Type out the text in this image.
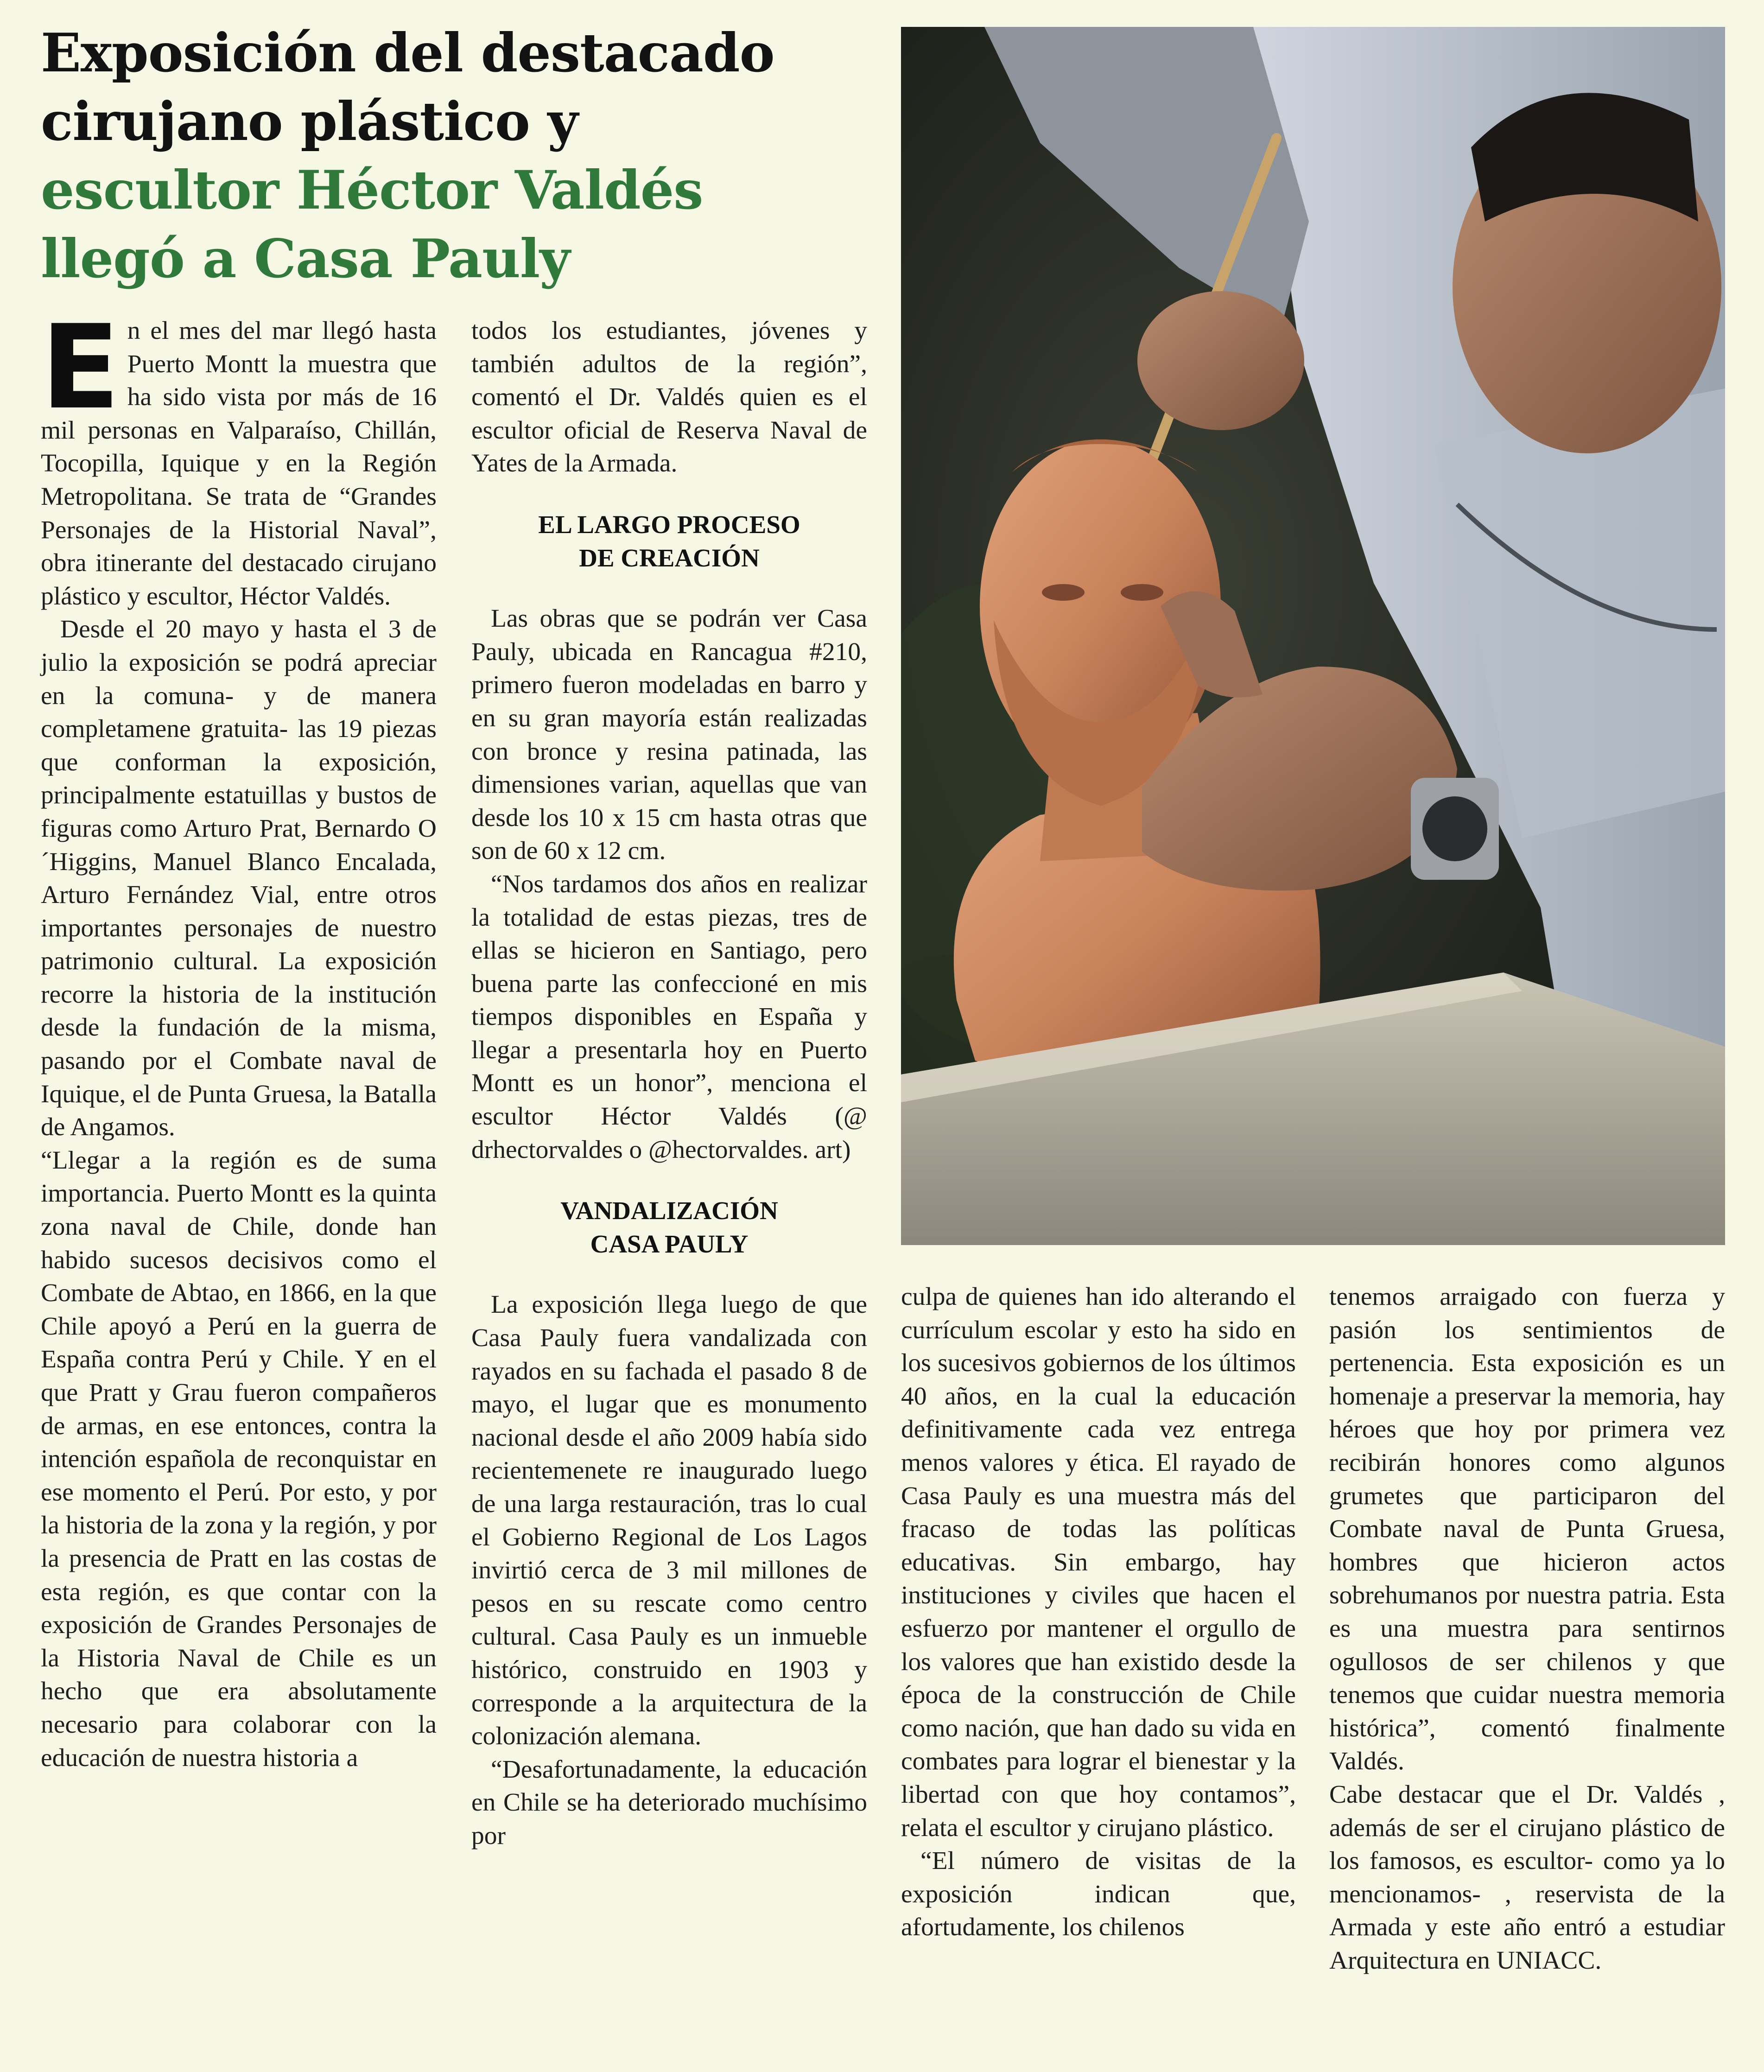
Exposición del destacado
cirujano plástico y
escultor Héctor Valdés
llegó a Casa Pauly

En el mes del mar llegó hasta Puerto Montt la muestra que ha sido vista por más de 16 mil personas en Valparaíso, Chillán, Tocopilla, Iquique y en la Región Metropolitana. Se trata de “Grandes Personajes de la Historial Naval”, obra itinerante del destacado cirujano plástico y escultor, Héctor Valdés.

Desde el 20 mayo y hasta el 3 de julio la exposición se podrá apreciar en la comuna- y de manera completamene gratuita- las 19 piezas que conforman la exposición, principalmente estatuillas y bustos de figuras como Arturo Prat, Bernardo O´Higgins, Manuel Blanco Encalada, Arturo Fernández Vial, entre otros importantes personajes de nuestro patrimonio cultural. La exposición recorre la historia de la institución desde la fundación de la misma, pasando por el Combate naval de Iquique, el de Punta Gruesa, la Batalla de Angamos.

“Llegar a la región es de suma importancia. Puerto Montt es la quinta zona naval de Chile, donde han habido sucesos decisivos como el Combate de Abtao, en 1866, en la que Chile apoyó a Perú en la guerra de España contra Perú y Chile. Y en el que Pratt y Grau fueron compañeros de armas, en ese entonces, contra la intención española de reconquistar en ese momento el Perú. Por esto, y por la historia de la zona y la región, y por la presencia de Pratt en las costas de esta región, es que contar con la exposición de Grandes Personajes de la Historia Naval de Chile es un hecho que era absolutamente necesario para colaborar con la educación de nuestra historia a

todos los estudiantes, jóvenes y también adultos de la región”, comentó el Dr. Valdés quien es el escultor oficial de Reserva Naval de Yates de la Armada.

EL LARGO PROCESO
DE CREACIÓN

Las obras que se podrán ver Casa Pauly, ubicada en Rancagua #210, primero fueron modeladas en barro y en su gran mayoría están realizadas con bronce y resina patinada, las dimensiones varian, aquellas que van desde los 10 x 15 cm hasta otras que son de 60 x 12 cm.

“Nos tardamos dos años en realizar la totalidad de estas piezas, tres de ellas se hicieron en Santiago, pero buena parte las confeccioné en mis tiempos disponibles en España y llegar a presentarla hoy en Puerto Montt es un honor”, menciona el escultor Héctor Valdés (@ drhectorvaldes o @hectorvaldes. art)

VANDALIZACIÓN
CASA PAULY

La exposición llega luego de que Casa Pauly fuera vandalizada con rayados en su fachada el pasado 8 de mayo, el lugar que es monumento nacional desde el año 2009 había sido recientemenete re inaugurado luego de una larga restauración, tras lo cual el Gobierno Regional de Los Lagos invirtió cerca de 3 mil millones de pesos en su rescate como centro cultural. Casa Pauly es un inmueble histórico, construido en 1903 y corresponde a la arquitectura de la colonización alemana.

“Desafortunadamente, la educación en Chile se ha deteriorado muchísimo por

culpa de quienes han ido alterando el currículum escolar y esto ha sido en los sucesivos gobiernos de los últimos 40 años, en la cual la educación definitivamente cada vez entrega menos valores y ética. El rayado de Casa Pauly es una muestra más del fracaso de todas las políticas educativas. Sin embargo, hay instituciones y civiles que hacen el esfuerzo por mantener el orgullo de los valores que han existido desde la época de la construcción de Chile como nación, que han dado su vida en combates para lograr el bienestar y la libertad con que hoy contamos”, relata el escultor y cirujano plástico.

“El número de visitas de la exposición indican que, afortudamente, los chilenos

tenemos arraigado con fuerza y pasión los sentimientos de pertenencia. Esta exposición es un homenaje a preservar la memoria, hay héroes que hoy por primera vez recibirán honores como algunos grumetes que participaron del Combate naval de Punta Gruesa, hombres que hicieron actos sobrehumanos por nuestra patria. Esta es una muestra para sentirnos ogullosos de ser chilenos y que tenemos que cuidar nuestra memoria histórica”, comentó finalmente Valdés.

Cabe destacar que el Dr. Valdés , además de ser el cirujano plástico de los famosos, es escultor- como ya lo mencionamos- , reservista de la Armada y este año entró a estudiar Arquitectura en UNIACC.
